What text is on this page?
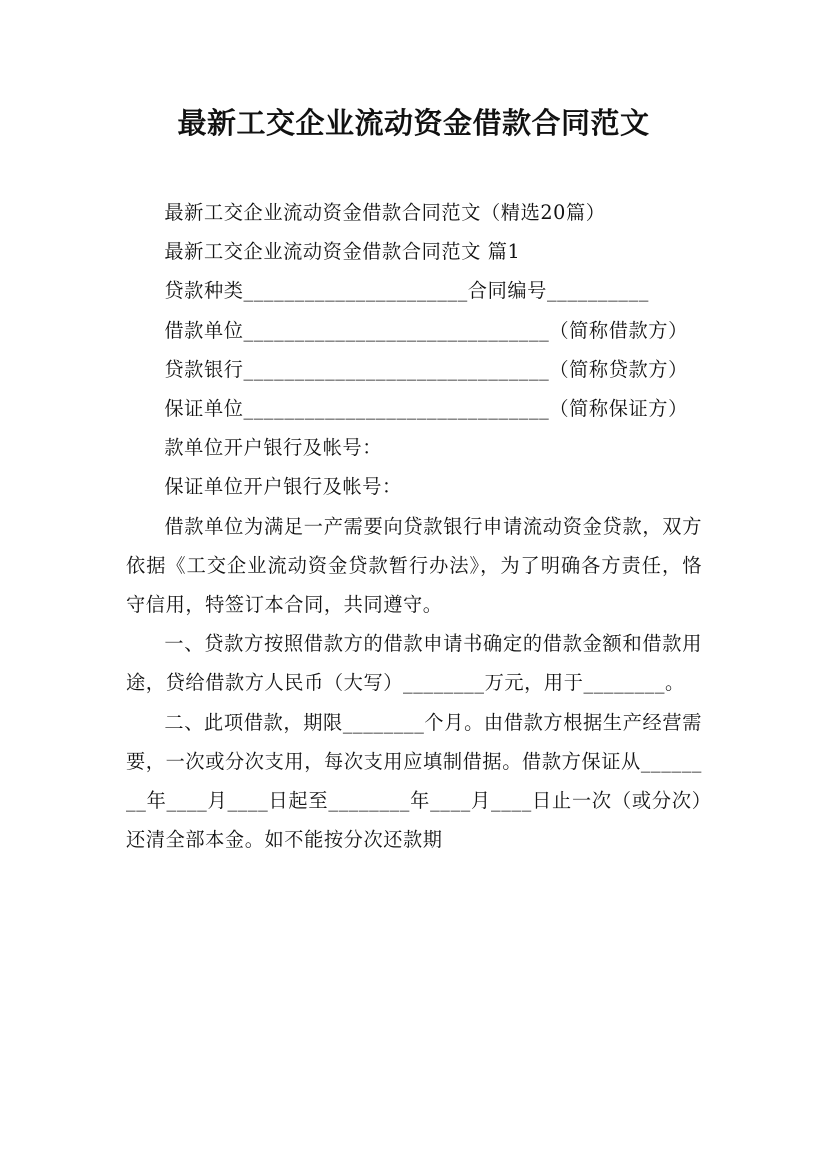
最新工交企业流动资金借款合同范文

最新工交企业流动资金借款合同范文（精选20篇）

最新工交企业流动资金借款合同范文 篇1

贷款种类______________________合同编号__________

借款单位______________________________（简称借款方）

贷款银行______________________________（简称贷款方）

保证单位______________________________（简称保证方）

款单位开户银行及帐号：

保证单位开户银行及帐号：

借款单位为满足一产需要向贷款银行申请流动资金贷款，双方依据《工交企业流动资金贷款暂行办法》，为了明确各方责任，恪守信用，特签订本合同，共同遵守。

一、贷款方按照借款方的借款申请书确定的借款金额和借款用途，贷给借款方人民币（大写）________万元，用于________。

二、此项借款，期限________个月。由借款方根据生产经营需要，一次或分次支用，每次支用应填制借据。借款方保证从________年____月____日起至________年____月____日止一次（或分次）还清全部本金。如不能按分次还款期
